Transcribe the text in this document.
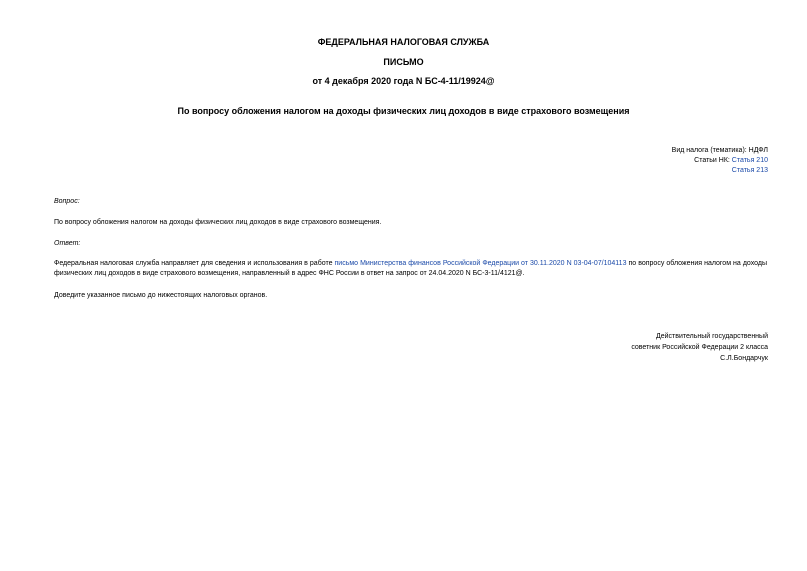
ФЕДЕРАЛЬНАЯ НАЛОГОВАЯ СЛУЖБА
ПИСЬМО
от 4 декабря 2020 года N БС-4-11/19924@
По вопросу обложения налогом на доходы физических лиц доходов в виде страхового возмещения
Вид налога (тематика): НДФЛ
Статьи НК: Статья 210
Статья 213
Вопрос:
По вопросу обложения налогом на доходы физических лиц доходов в виде страхового возмещения.
Ответ:
Федеральная налоговая служба направляет для сведения и использования в работе письмо Министерства финансов Российской Федерации от 30.11.2020 N 03-04-07/104113 по вопросу обложения налогом на доходы физических лиц доходов в виде страхового возмещения, направленный в адрес ФНС России в ответ на запрос от 24.04.2020 N БС-3-11/4121@.
Доведите указанное письмо до нижестоящих налоговых органов.
Действительный государственный
советник Российской Федерации 2 класса
С.Л.Бондарчук
